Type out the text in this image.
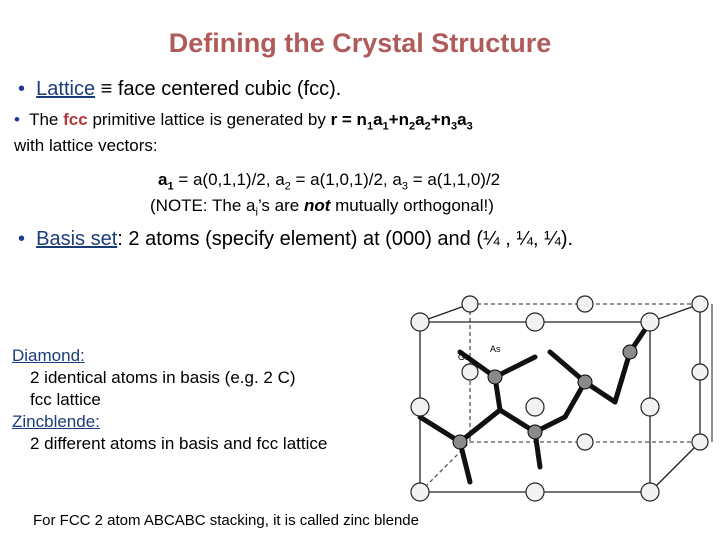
Defining the Crystal Structure
• Lattice ≡ face centered cubic (fcc).
• The fcc primitive lattice is generated by $r = n_1a_1+n_2a_2+n_3a_3$
with lattice vectors:
$a_1 = a(0,1,1)/2$, $a_2 = a(1,0,1)/2$, $a_3 = a(1,1,0)/2$
(NOTE: The $a_i’s$ are not mutually orthogonal!)
• Basis set: 2 atoms (specify element) at (000) and (¼ , ¼, ¼).
Diamond:
2 identical atoms in basis (e.g. 2 C)
fcc lattice
Zincblende:
2 different atoms in basis and fcc lattice
For FCC 2 atom ABCABC stacking, it is called zinc blende
Ga
As
